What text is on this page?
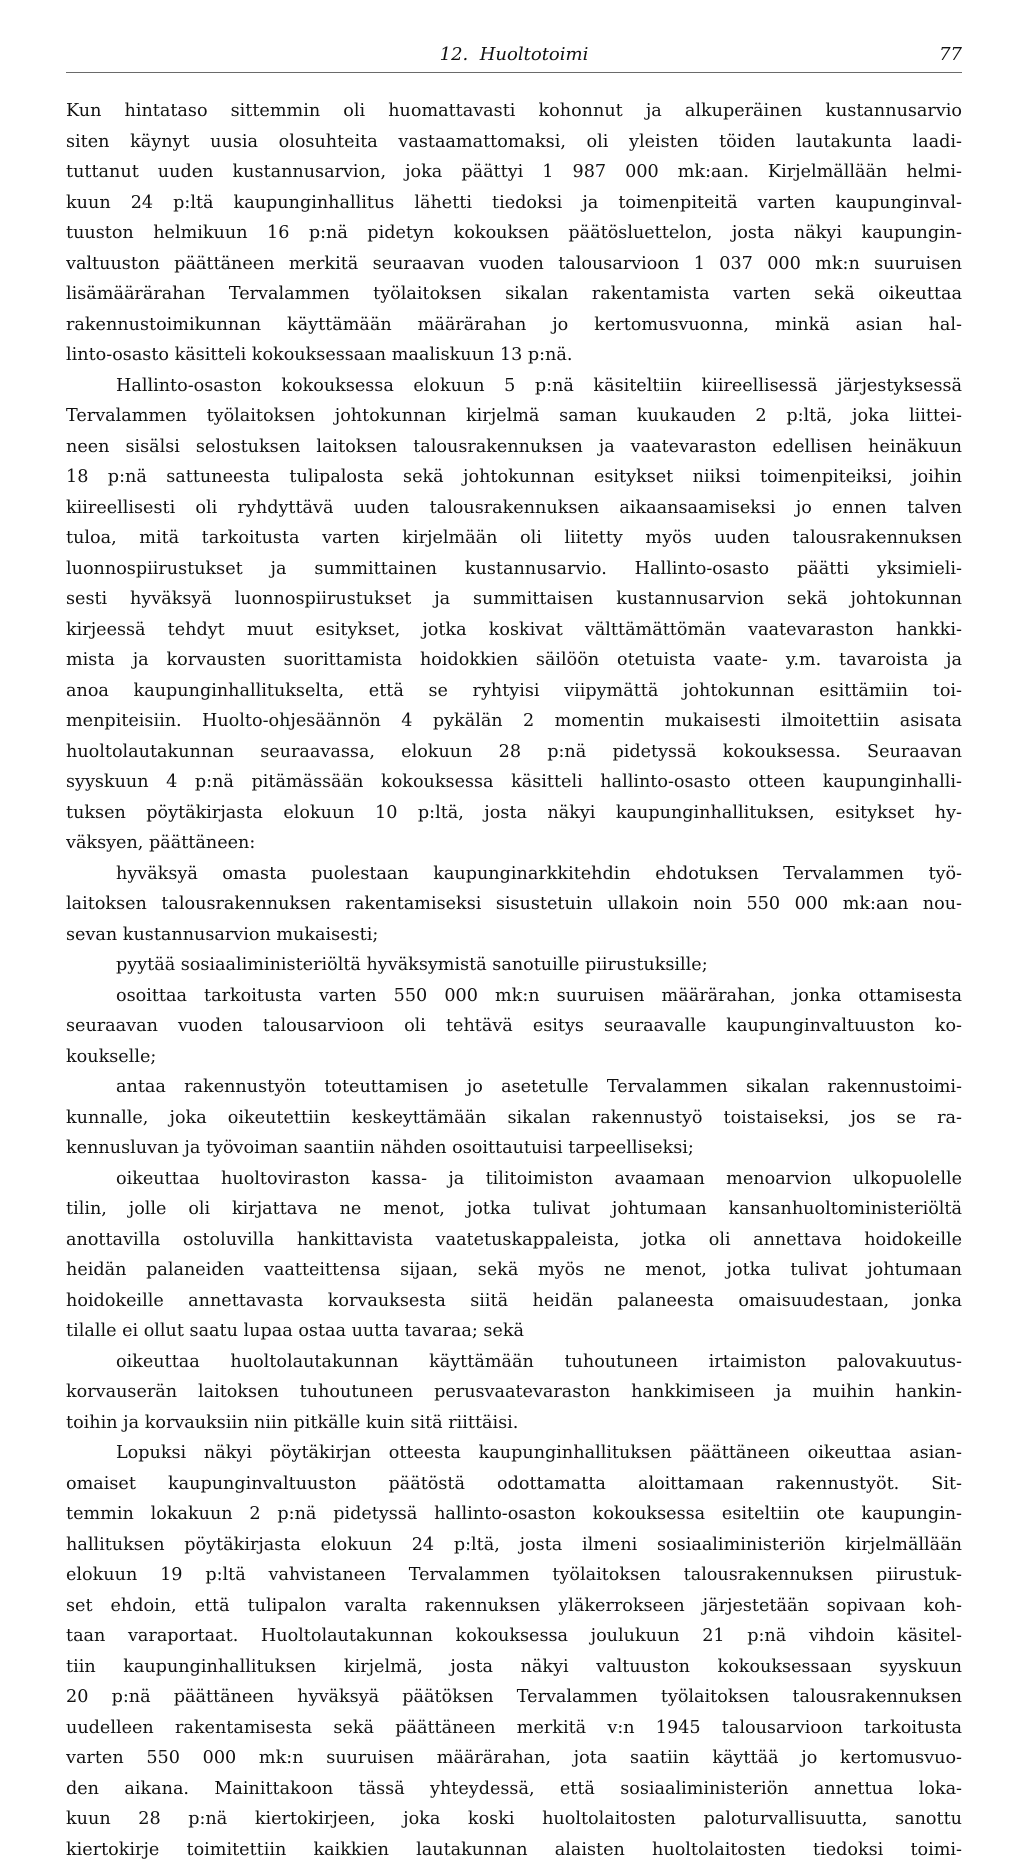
12. Huoltotoimi	77
Kun hintataso sittemmin oli huomattavasti kohonnut ja alkuperäinen kustannusarvio
siten käynyt uusia olosuhteita vastaamattomaksi, oli yleisten töiden lautakunta laadi-
tuttanut uuden kustannusarvion, joka päättyi 1 987 000 mk:aan. Kirjelmällään helmi-
kuun 24 p:ltä kaupunginhallitus lähetti tiedoksi ja toimenpiteitä varten kaupunginval-
tuuston helmikuun 16 p:nä pidetyn kokouksen päätösluettelon, josta näkyi kaupungin-
valtuuston päättäneen merkitä seuraavan vuoden talousarvioon 1 037 000 mk:n suuruisen
lisämäärärahan Tervalammen työlaitoksen sikalan rakentamista varten sekä oikeuttaa
rakennustoimikunnan käyttämään määrärahan jo kertomusvuonna, minkä asian hal-
linto-osasto käsitteli kokouksessaan maaliskuun 13 p:nä.
Hallinto-osaston kokouksessa elokuun 5 p:nä käsiteltiin kiireellisessä järjestyksessä
Tervalammen työlaitoksen johtokunnan kirjelmä saman kuukauden 2 p:ltä, joka liittei-
neen sisälsi selostuksen laitoksen talousrakennuksen ja vaatevaraston edellisen heinäkuun
18 p:nä sattuneesta tulipalosta sekä johtokunnan esitykset niiksi toimenpiteiksi, joihin
kiireellisesti oli ryhdyttävä uuden talousrakennuksen aikaansaamiseksi jo ennen talven
tuloa, mitä tarkoitusta varten kirjelmään oli liitetty myös uuden talousrakennuksen
luonnospiirustukset ja summittainen kustannusarvio. Hallinto-osasto päätti yksimieli-
sesti hyväksyä luonnospiirustukset ja summittaisen kustannusarvion sekä johtokunnan
kirjeessä tehdyt muut esitykset, jotka koskivat välttämättömän vaatevaraston hankki-
mista ja korvausten suorittamista hoidokkien säilöön otetuista vaate- y.m. tavaroista ja
anoa kaupunginhallitukselta, että se ryhtyisi viipymättä johtokunnan esittämiin toi-
menpiteisiin. Huolto-ohjesäännön 4 pykälän 2 momentin mukaisesti ilmoitettiin asisata
huoltolautakunnan seuraavassa, elokuun 28 p:nä pidetyssä kokouksessa. Seuraavan
syyskuun 4 p:nä pitämässään kokouksessa käsitteli hallinto-osasto otteen kaupunginhalli-
tuksen pöytäkirjasta elokuun 10 p:ltä, josta näkyi kaupunginhallituksen, esitykset hy-
väksyen, päättäneen:
hyväksyä omasta puolestaan kaupunginarkkitehdin ehdotuksen Tervalammen työ-
laitoksen talousrakennuksen rakentamiseksi sisustetuin ullakoin noin 550 000 mk:aan nou-
sevan kustannusarvion mukaisesti;
pyytää sosiaaliministeriöltä hyväksymistä sanotuille piirustuksille;
osoittaa tarkoitusta varten 550 000 mk:n suuruisen määrärahan, jonka ottamisesta
seuraavan vuoden talousarvioon oli tehtävä esitys seuraavalle kaupunginvaltuuston ko-
koukselle;
antaa rakennustyön toteuttamisen jo asetetulle Tervalammen sikalan rakennustoimi-
kunnalle, joka oikeutettiin keskeyttämään sikalan rakennustyö toistaiseksi, jos se ra-
kennusluvan ja työvoiman saantiin nähden osoittautuisi tarpeelliseksi;
oikeuttaa huoltoviraston kassa- ja tilitoimiston avaamaan menoarvion ulkopuolelle
tilin, jolle oli kirjattava ne menot, jotka tulivat johtumaan kansanhuoltoministeriöltä
anottavilla ostoluvilla hankittavista vaatetuskappaleista, jotka oli annettava hoidokeille
heidän palaneiden vaatteittensa sijaan, sekä myös ne menot, jotka tulivat johtumaan
hoidokeille annettavasta korvauksesta siitä heidän palaneesta omaisuudestaan, jonka
tilalle ei ollut saatu lupaa ostaa uutta tavaraa; sekä
oikeuttaa huoltolautakunnan käyttämään tuhoutuneen irtaimiston palovakuutus-
korvauserän laitoksen tuhoutuneen perusvaatevaraston hankkimiseen ja muihin hankin-
toihin ja korvauksiin niin pitkälle kuin sitä riittäisi.
Lopuksi näkyi pöytäkirjan otteesta kaupunginhallituksen päättäneen oikeuttaa asian-
omaiset kaupunginvaltuuston päätöstä odottamatta aloittamaan rakennustyöt. Sit-
temmin lokakuun 2 p:nä pidetyssä hallinto-osaston kokouksessa esiteltiin ote kaupungin-
hallituksen pöytäkirjasta elokuun 24 p:ltä, josta ilmeni sosiaaliministeriön kirjelmällään
elokuun 19 p:ltä vahvistaneen Tervalammen työlaitoksen talousrakennuksen piirustuk-
set ehdoin, että tulipalon varalta rakennuksen yläkerrokseen järjestetään sopivaan koh-
taan varaportaat. Huoltolautakunnan kokouksessa joulukuun 21 p:nä vihdoin käsitel-
tiin kaupunginhallituksen kirjelmä, josta näkyi valtuuston kokouksessaan syyskuun
20 p:nä päättäneen hyväksyä päätöksen Tervalammen työlaitoksen talousrakennuksen
uudelleen rakentamisesta sekä päättäneen merkitä v:n 1945 talousarvioon tarkoitusta
varten 550 000 mk:n suuruisen määrärahan, jota saatiin käyttää jo kertomusvuo-
den aikana. Mainittakoon tässä yhteydessä, että sosiaaliministeriön annettua loka-
kuun 28 p:nä kiertokirjeen, joka koski huoltolaitosten paloturvallisuutta, sanottu
kiertokirje toimitettiin kaikkien lautakunnan alaisten huoltolaitosten tiedoksi toimi-
